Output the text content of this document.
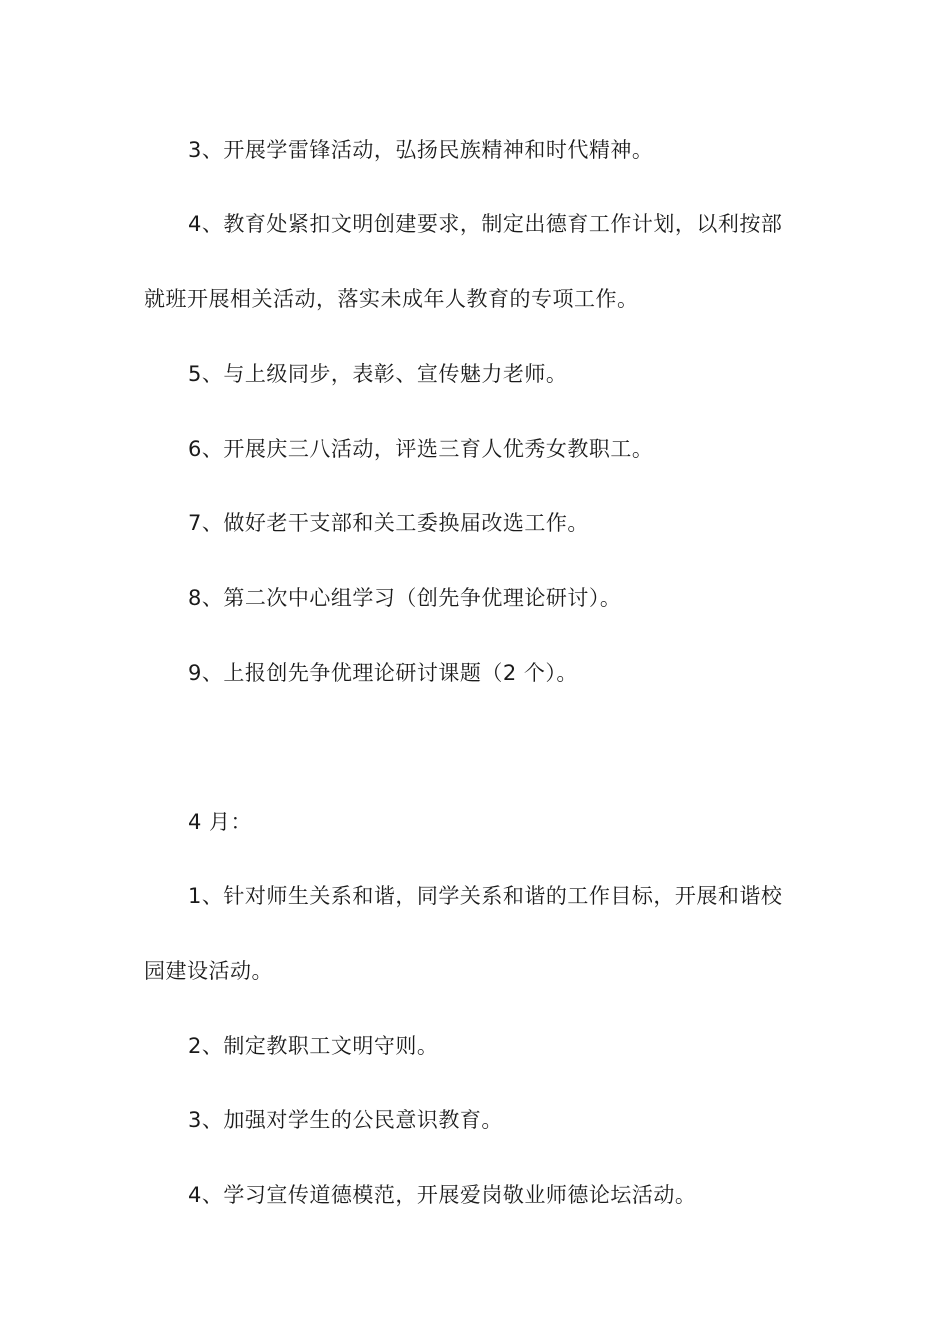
3、开展学雷锋活动，弘扬民族精神和时代精神。
4、教育处紧扣文明创建要求，制定出德育工作计划，以利按部
就班开展相关活动，落实未成年人教育的专项工作。
5、与上级同步，表彰、宣传魅力老师。
6、开展庆三八活动，评选三育人优秀女教职工。
7、做好老干支部和关工委换届改选工作。
8、第二次中心组学习（创先争优理论研讨）。
9、上报创先争优理论研讨课题（2 个）。
4 月：
1、针对师生关系和谐，同学关系和谐的工作目标，开展和谐校
园建设活动。
2、制定教职工文明守则。
3、加强对学生的公民意识教育。
4、学习宣传道德模范，开展爱岗敬业师德论坛活动。
